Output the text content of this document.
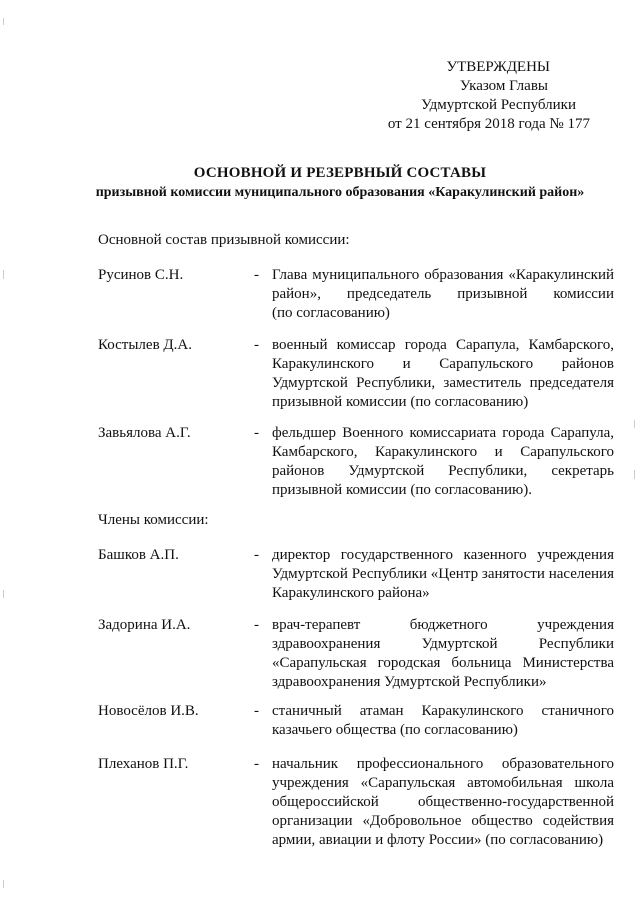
УТВЕРЖДЕНЫ
Указом Главы
Удмуртской Республики
от 21 сентября 2018 года № 177
ОСНОВНОЙ И РЕЗЕРВНЫЙ СОСТАВЫ
призывной комиссии муниципального образования «Каракулинский район»
Основной состав призывной комиссии:
Русинов С.Н.	- Глава муниципального образования «Каракулинский
район», председатель призывной комиссии
(по согласованию)
Костылев Д.А.	- военный комиссар города Сарапула, Камбарского,
Каракулинского и Сарапульского районов
Удмуртской Республики, заместитель председателя
призывной комиссии (по согласованию)
Завьялова А.Г.	- фельдшер Военного комиссариата города Сарапула,
Камбарского, Каракулинского и Сарапульского
районов Удмуртской Республики, секретарь
призывной комиссии (по согласованию).
Члены комиссии:
Башков А.П.	- директор государственного казенного учреждения
Удмуртской Республики «Центр занятости населения
Каракулинского района»
Задорина И.А.	- врач-терапевт бюджетного учреждения
здравоохранения Удмуртской Республики
«Сарапульская городская больница Министерства
здравоохранения Удмуртской Республики»
Новосёлов И.В.	- станичный атаман Каракулинского станичного
казачьего общества (по согласованию)
Плеханов П.Г.	- начальник профессионального образовательного
учреждения «Сарапульская автомобильная школа
общероссийской общественно-государственной
организации «Добровольное общество содействия
армии, авиации и флоту России» (по согласованию)
